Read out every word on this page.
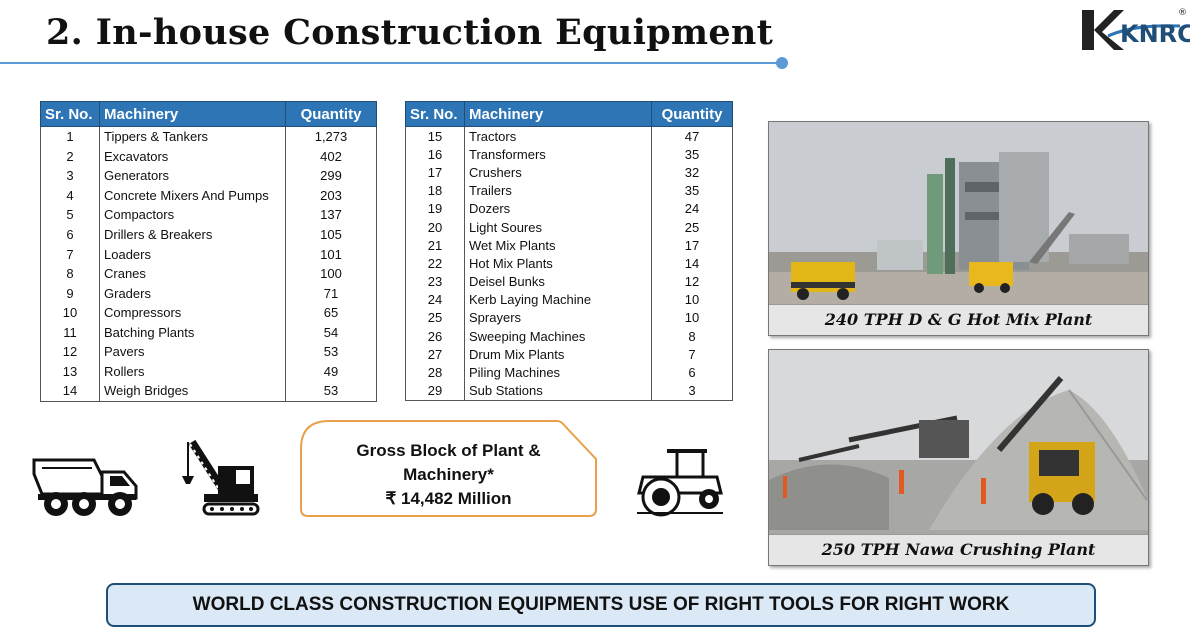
2. In-house Construction Equipment	KNRC
®
Sr. No.	Machinery	Quantity
1	Tippers & Tankers	1,273
2	Excavators	402
3	Generators	299
4	Concrete Mixers And Pumps	203
5	Compactors	137
6	Drillers & Breakers	105
7	Loaders	101
8	Cranes	100
9	Graders	71
10	Compressors	65
11	Batching Plants	54
12	Pavers	53
13	Rollers	49
14	Weigh Bridges	53
Sr. No.	Machinery	Quantity
15	Tractors	47
16	Transformers	35
17	Crushers	32
18	Trailers	35
19	Dozers	24
20	Light Soures	25
21	Wet Mix Plants	17
22	Hot Mix Plants	14
23	Deisel Bunks	12
24	Kerb Laying Machine	10
25	Sprayers	10
26	Sweeping Machines	8
27	Drum Mix Plants	7
28	Piling Machines	6
29	Sub Stations	3
Gross Block of Plant &
Machinery*
₹ 14,482 Million
240 TPH D & G Hot Mix Plant
250 TPH Nawa Crushing Plant
WORLD CLASS CONSTRUCTION EQUIPMENTS USE OF RIGHT TOOLS FOR RIGHT WORK
